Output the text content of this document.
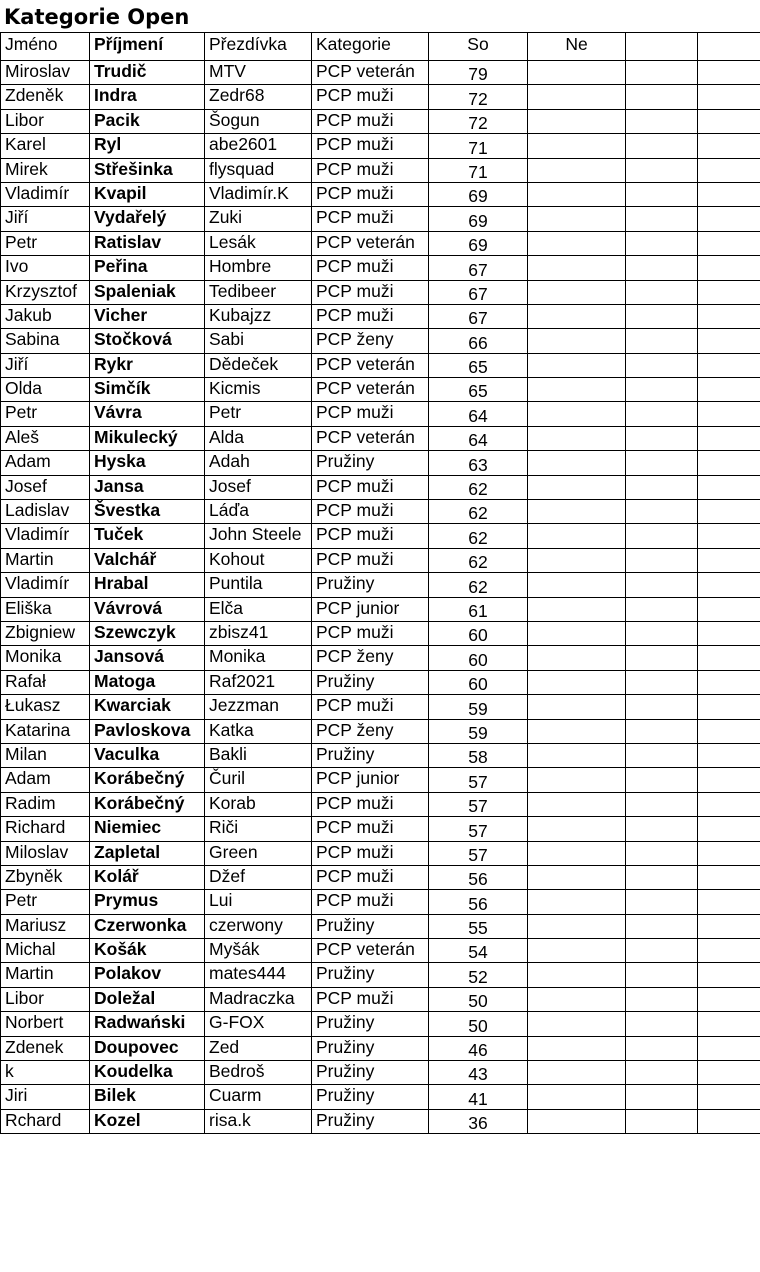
Kategorie Open
Jméno	Příjmení	Přezdívka	Kategorie	So	Ne		
Miroslav	Trudič	MTV	PCP veterán	79			
Zdeněk	Indra	Zedr68	PCP muži	72			
Libor	Pacik	Šogun	PCP muži	72			
Karel	Ryl	abe2601	PCP muži	71			
Mirek	Střešinka	flysquad	PCP muži	71			
Vladimír	Kvapil	Vladimír.K	PCP muži	69			
Jiří	Vydařelý	Zuki	PCP muži	69			
Petr	Ratislav	Lesák	PCP veterán	69			
Ivo	Peřina	Hombre	PCP muži	67			
Krzysztof	Spaleniak	Tedibeer	PCP muži	67			
Jakub	Vicher	Kubajzz	PCP muži	67			
Sabina	Stočková	Sabi	PCP ženy	66			
Jiří	Rykr	Dědeček	PCP veterán	65			
Olda	Simčík	Kicmis	PCP veterán	65			
Petr	Vávra	Petr	PCP muži	64			
Aleš	Mikulecký	Alda	PCP veterán	64			
Adam	Hyska	Adah	Pružiny	63			
Josef	Jansa	Josef	PCP muži	62			
Ladislav	Švestka	Láďa	PCP muži	62			
Vladimír	Tuček	John Steele	PCP muži	62			
Martin	Valchář	Kohout	PCP muži	62			
Vladimír	Hrabal	Puntila	Pružiny	62			
Eliška	Vávrová	Elča	PCP junior	61			
Zbigniew	Szewczyk	zbisz41	PCP muži	60			
Monika	Jansová	Monika	PCP ženy	60			
Rafał	Matoga	Raf2021	Pružiny	60			
Łukasz	Kwarciak	Jezzman	PCP muži	59			
Katarina	Pavloskova	Katka	PCP ženy	59			
Milan	Vaculka	Bakli	Pružiny	58			
Adam	Korábečný	Čuril	PCP junior	57			
Radim	Korábečný	Korab	PCP muži	57			
Richard	Niemiec	Riči	PCP muži	57			
Miloslav	Zapletal	Green	PCP muži	57			
Zbyněk	Kolář	Džef	PCP muži	56			
Petr	Prymus	Lui	PCP muži	56			
Mariusz	Czerwonka	czerwony	Pružiny	55			
Michal	Košák	Myšák	PCP veterán	54			
Martin	Polakov	mates444	Pružiny	52			
Libor	Doležal	Madraczka	PCP muži	50			
Norbert	Radwański	G-FOX	Pružiny	50			
Zdenek	Doupovec	Zed	Pružiny	46			
k	Koudelka	Bedroš	Pružiny	43			
Jiri	Bilek	Cuarm	Pružiny	41			
Rchard	Kozel	risa.k	Pružiny	36			
